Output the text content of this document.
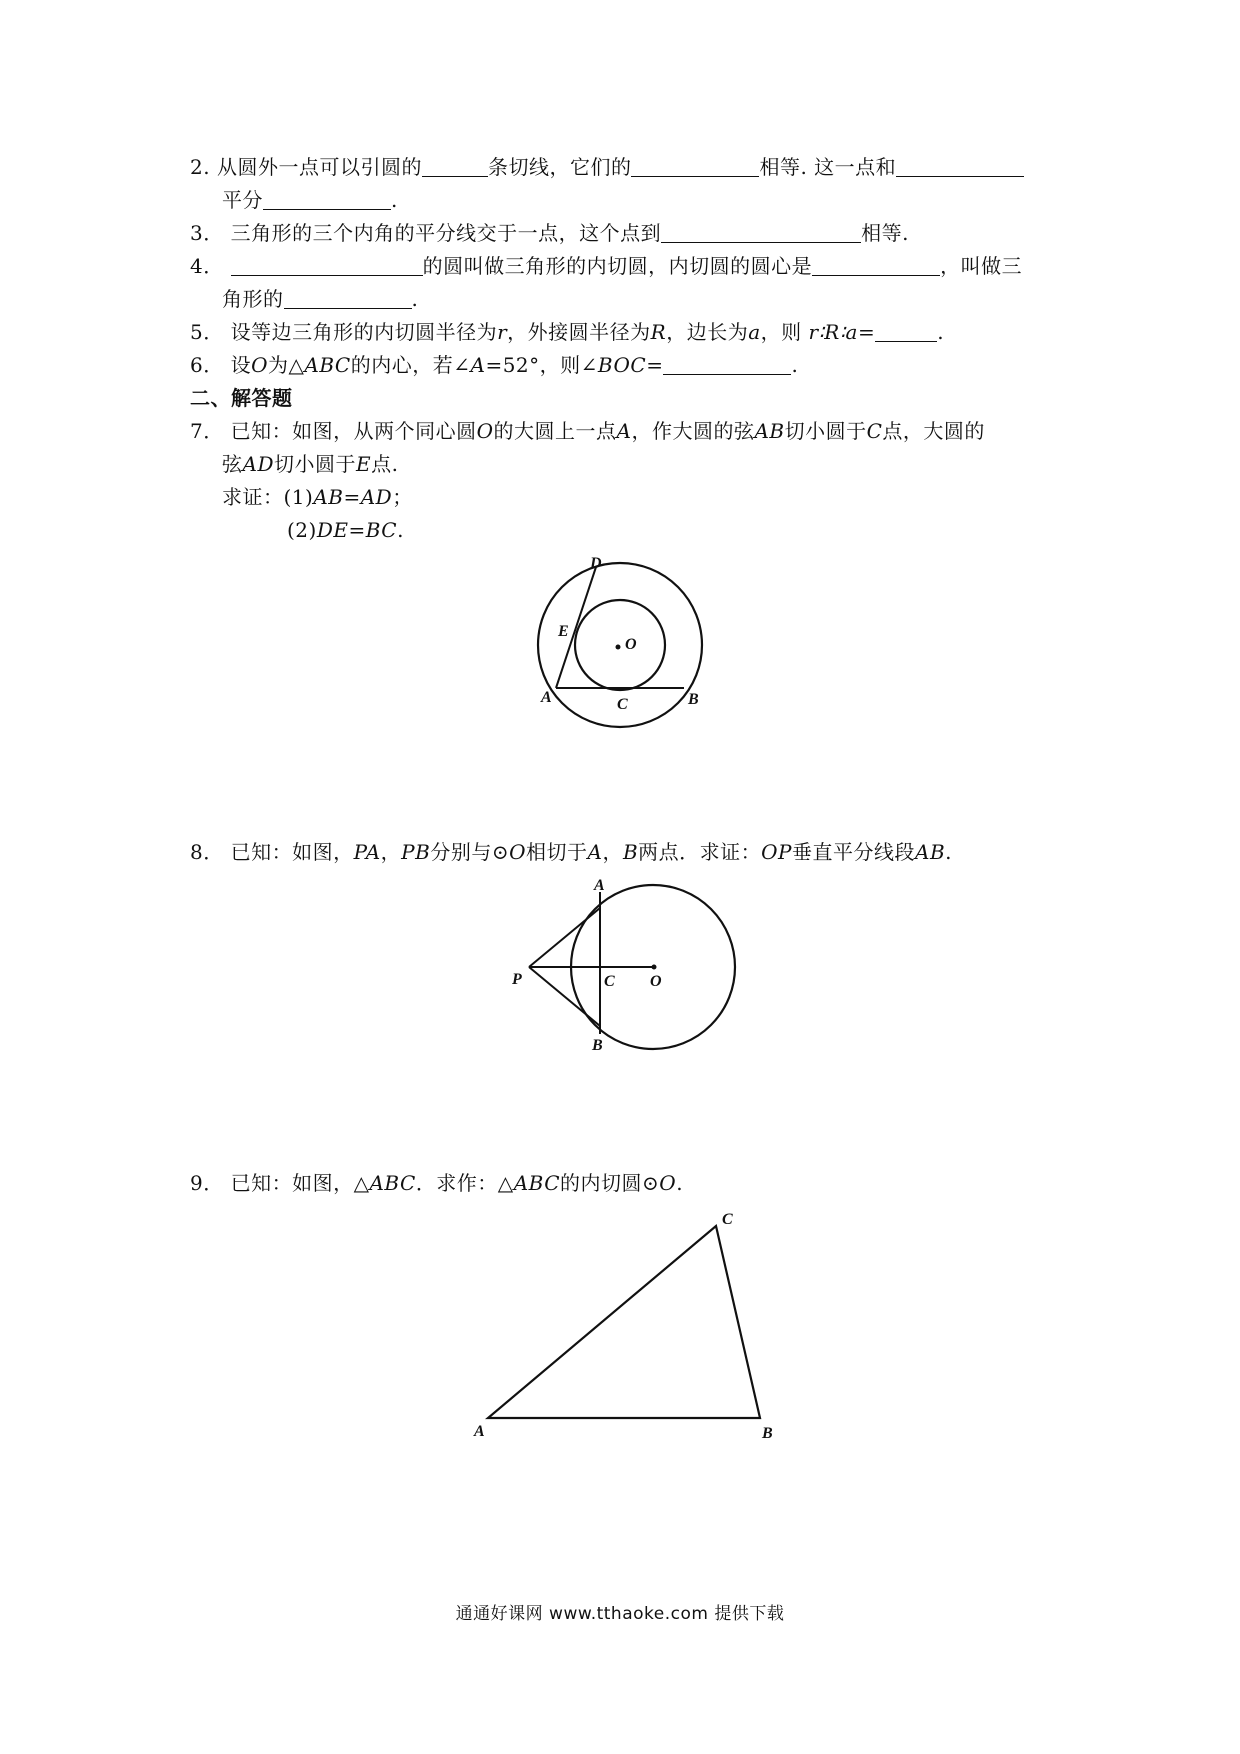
2. 从圆外一点可以引圆的	条切线，它们的	相等. 这一点和
平分	.
3． 三角形的三个内角的平分线交于一点，这个点到	相等.
4．	的圆叫做三角形的内切圆，内切圆的圆心是	，叫做三
角形的	.
5． 设等边三角形的内切圆半径为r，外接圆半径为R，边长为a，则 r∶R∶a=	.
6． 设O为△ABC的内心，若∠A=52°，则∠BOC=	.
二、解答题
7． 已知：如图，从两个同心圆O的大圆上一点A，作大圆的弦AB切小圆于C点，大圆的
弦AD切小圆于E点.
求证：(1)AB=AD；
(2)DE=BC.
D
E
O
A	C	B
8． 已知：如图，PA，PB分别与⊙O相切于A，B两点．求证：OP垂直平分线段AB.
A
P	C O
B
9． 已知：如图，△ABC．求作：△ABC的内切圆⊙O.
C
A	B
通通好课网 www.tthaoke.com 提供下载
